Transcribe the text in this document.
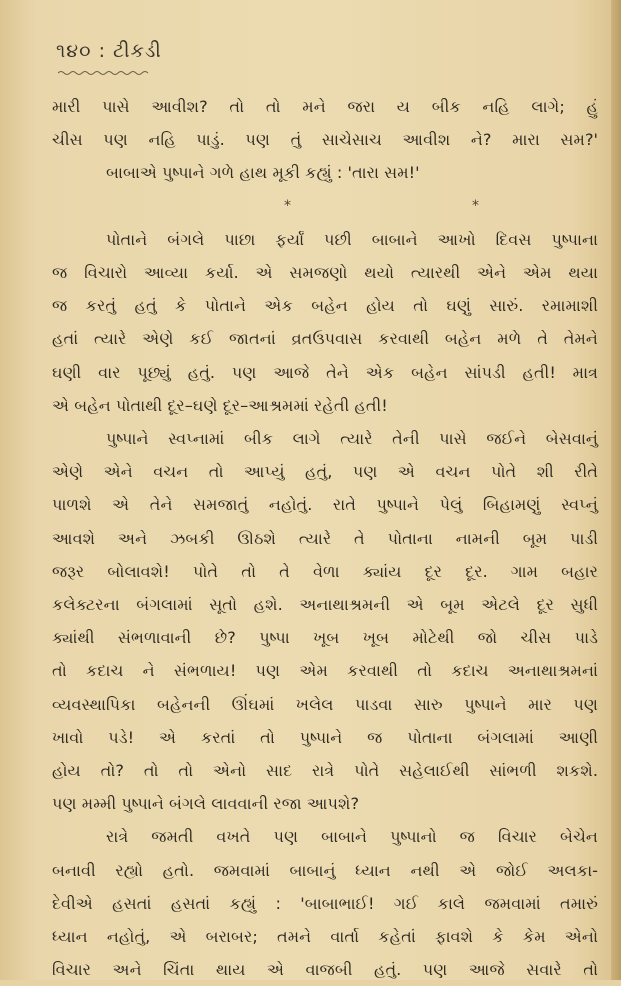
૧૪૦ : ટીકડી
મારી પાસે આવીશ? તો તો મને જરા ય બીક નહિ લાગે; હું
ચીસ પણ નહિ પાડું. પણ તું સાચેસાચ આવીશ ને? મારા સમ?'
બાબાએ પુષ્પાને ગળે હાથ મૂકી કહ્યું : 'તારા સમ!'
*	*
પોતાને બંગલે પાછા ફર્યાં પછી બાબાને આખો દિવસ પુષ્પાના
જ વિચારો આવ્યા કર્યા. એ સમજણો થયો ત્યારથી એને એમ થયા
જ કરતું હતું કે પોતાને એક બહેન હોય તો ઘણું સારું. રમામાશી
હતાં ત્યારે એણે કઈ જાતનાં વ્રતઉપવાસ કરવાથી બહેન મળે તે તેમને
ઘણી વાર પૂછ્યું હતું. પણ આજે તેને એક બહેન સાંપડી હતી! માત્ર
એ બહેન પોતાથી દૂર–ઘણે દૂર–આશ્રમમાં રહેતી હતી!
પુષ્પાને સ્વપ્નામાં બીક લાગે ત્યારે તેની પાસે જઈને બેસવાનું
એણે એને વચન તો આપ્યું હતું, પણ એ વચન પોતે શી રીતે
પાળશે એ તેને સમજાતું નહોતું. રાતે પુષ્પાને પેલું બિહામણું સ્વપ્નું
આવશે અને ઝબકી ઊઠશે ત્યારે તે પોતાના નામની બૂમ પાડી
જરૂર બોલાવશે! પોતે તો તે વેળા ક્યાંય દૂર દૂર. ગામ બહાર
કલેક્ટરના બંગલામાં સૂતો હશે. અનાથાશ્રમની એ બૂમ એટલે દૂર સુધી
ક્યાંથી સંભળાવાની છે? પુષ્પા ખૂબ ખૂબ મોટેથી જો ચીસ પાડે
તો કદાચ ને સંભળાય! પણ એમ કરવાથી તો કદાચ અનાથાશ્રમનાં
વ્યવસ્થાપિકા બહેનની ઊંઘમાં ખલેલ પાડવા સારુ પુષ્પાને માર પણ
ખાવો પડે! એ કરતાં તો પુષ્પાને જ પોતાના બંગલામાં આણી
હોય તો? તો તો એનો સાદ રાત્રે પોતે સહેલાઈથી સાંભળી શકશે.
પણ મમ્મી પુષ્પાને બંગલે લાવવાની રજા આપશે?
રાત્રે જમતી વખતે પણ બાબાને પુષ્પાનો જ વિચાર બેચેન
બનાવી રહ્યો હતો. જમવામાં બાબાનું ધ્યાન નથી એ જોઈ અલકા-
દેવીએ હસતાં હસતાં કહ્યું : 'બાબાભાઈ! ગઈ કાલે જમવામાં તમારું
ધ્યાન નહોતું, એ બરાબર; તમને વાર્તા કહેતાં ફાવશે કે કેમ એનો
વિચાર અને ચિંતા થાય એ વાજબી હતું. પણ આજે સવારે તો
